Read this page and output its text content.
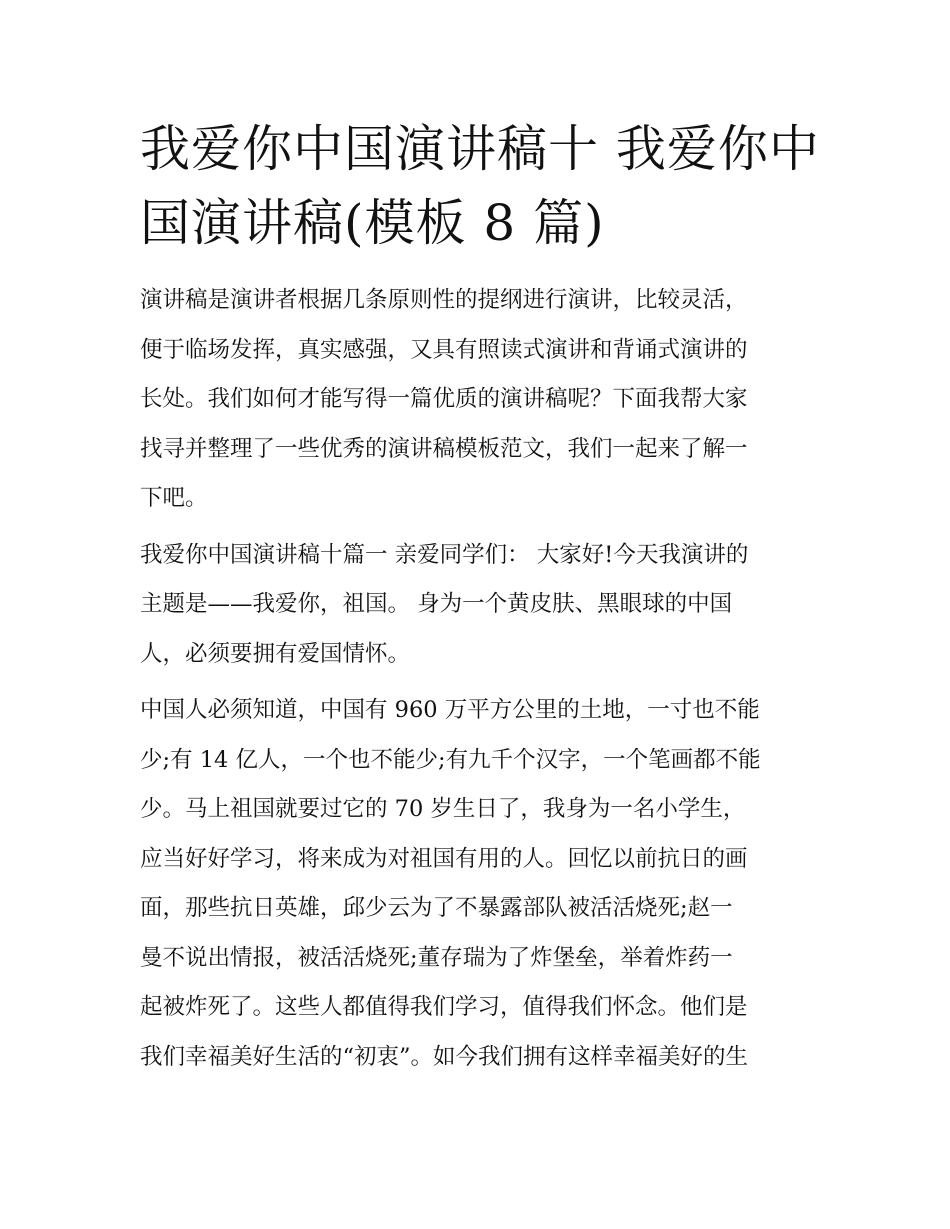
我爱你中国演讲稿十 我爱你中
国演讲稿(模板 8 篇)

演讲稿是演讲者根据几条原则性的提纲进行演讲，比较灵活，
便于临场发挥，真实感强，又具有照读式演讲和背诵式演讲的
长处。我们如何才能写得一篇优质的演讲稿呢？下面我帮大家
找寻并整理了一些优秀的演讲稿模板范文，我们一起来了解一
下吧。

我爱你中国演讲稿十篇一 亲爱同学们： 大家好!今天我演讲的
主题是——我爱你，祖国。 身为一个黄皮肤、黑眼球的中国
人，必须要拥有爱国情怀。

中国人必须知道，中国有 960 万平方公里的土地，一寸也不能
少;有 14 亿人，一个也不能少;有九千个汉字，一个笔画都不能
少。马上祖国就要过它的 70 岁生日了，我身为一名小学生，
应当好好学习，将来成为对祖国有用的人。回忆以前抗日的画
面，那些抗日英雄，邱少云为了不暴露部队被活活烧死;赵一
曼不说出情报，被活活烧死;董存瑞为了炸堡垒，举着炸药一
起被炸死了。这些人都值得我们学习，值得我们怀念。他们是
我们幸福美好生活的“初衷”。如今我们拥有这样幸福美好的生
